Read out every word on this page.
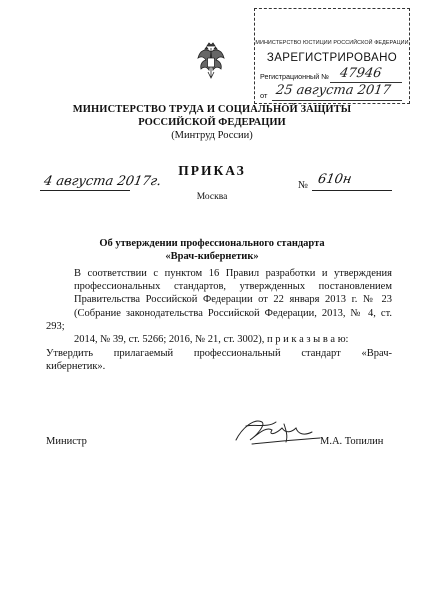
МИНИСТЕРСТВО ЮСТИЦИИ РОССИЙСКОЙ ФЕДЕРАЦИИ
ЗАРЕГИСТРИРОВАНО
Регистрационный № 47946
от 25 августа 2017
МИНИСТЕРСТВО ТРУДА И СОЦИАЛЬНОЙ ЗАЩИТЫ
РОССИЙСКОЙ ФЕДЕРАЦИИ
(Минтруд России)
ПРИКАЗ
4 августа 2017г.
Москва
№ 610н
Об утверждении профессионального стандарта
«Врач-кибернетик»
В соответствии с пунктом 16 Правил разработки и утверждения
профессиональных стандартов, утвержденных постановлением
Правительства Российской Федерации от 22 января 2013 г. № 23
(Собрание законодательства Российской Федерации, 2013, № 4, ст. 293;
2014, № 39, ст. 5266; 2016, № 21, ст. 3002), п р и к а з ы в а ю:
Утвердить прилагаемый профессиональный стандарт «Врач-
кибернетик».
Министр	М.А. Топилин
